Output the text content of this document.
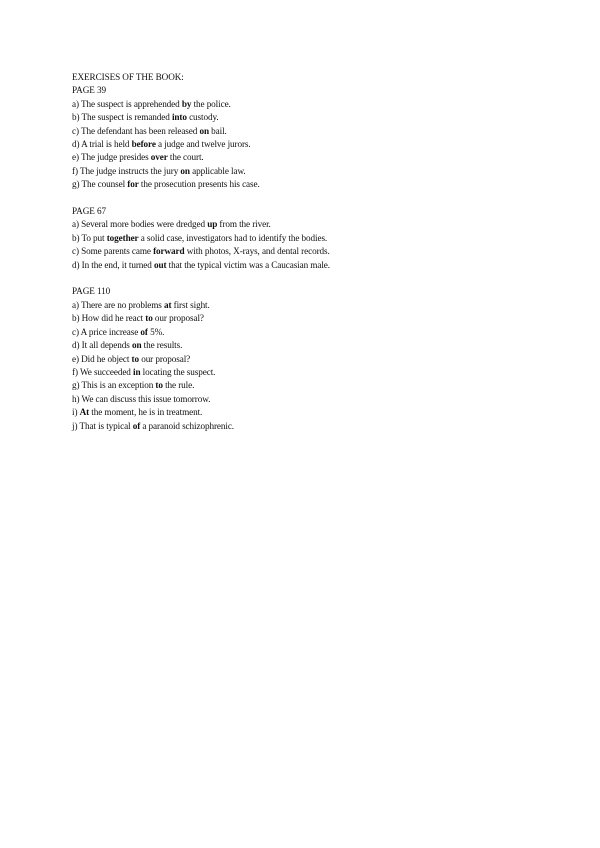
EXERCISES OF THE BOOK:

PAGE 39

a) The suspect is apprehended by the police.

b) The suspect is remanded into custody.

c) The defendant has been released on bail.

d) A trial is held before a judge and twelve jurors.

e) The judge presides over the court.

f) The judge instructs the jury on applicable law.

g) The counsel for the prosecution presents his case.

PAGE 67

a) Several more bodies were dredged up from the river.

b) To put together a solid case, investigators had to identify the bodies.

c) Some parents came forward with photos, X-rays, and dental records.

d) In the end, it turned out that the typical victim was a Caucasian male.

PAGE 110

a) There are no problems at first sight.

b) How did he react to our proposal?

c) A price increase of 5%.

d) It all depends on the results.

e) Did he object to our proposal?

f) We succeeded in locating the suspect.

g) This is an exception to the rule.

h) We can discuss this issue tomorrow.

i) At the moment, he is in treatment.

j) That is typical of a paranoid schizophrenic.
